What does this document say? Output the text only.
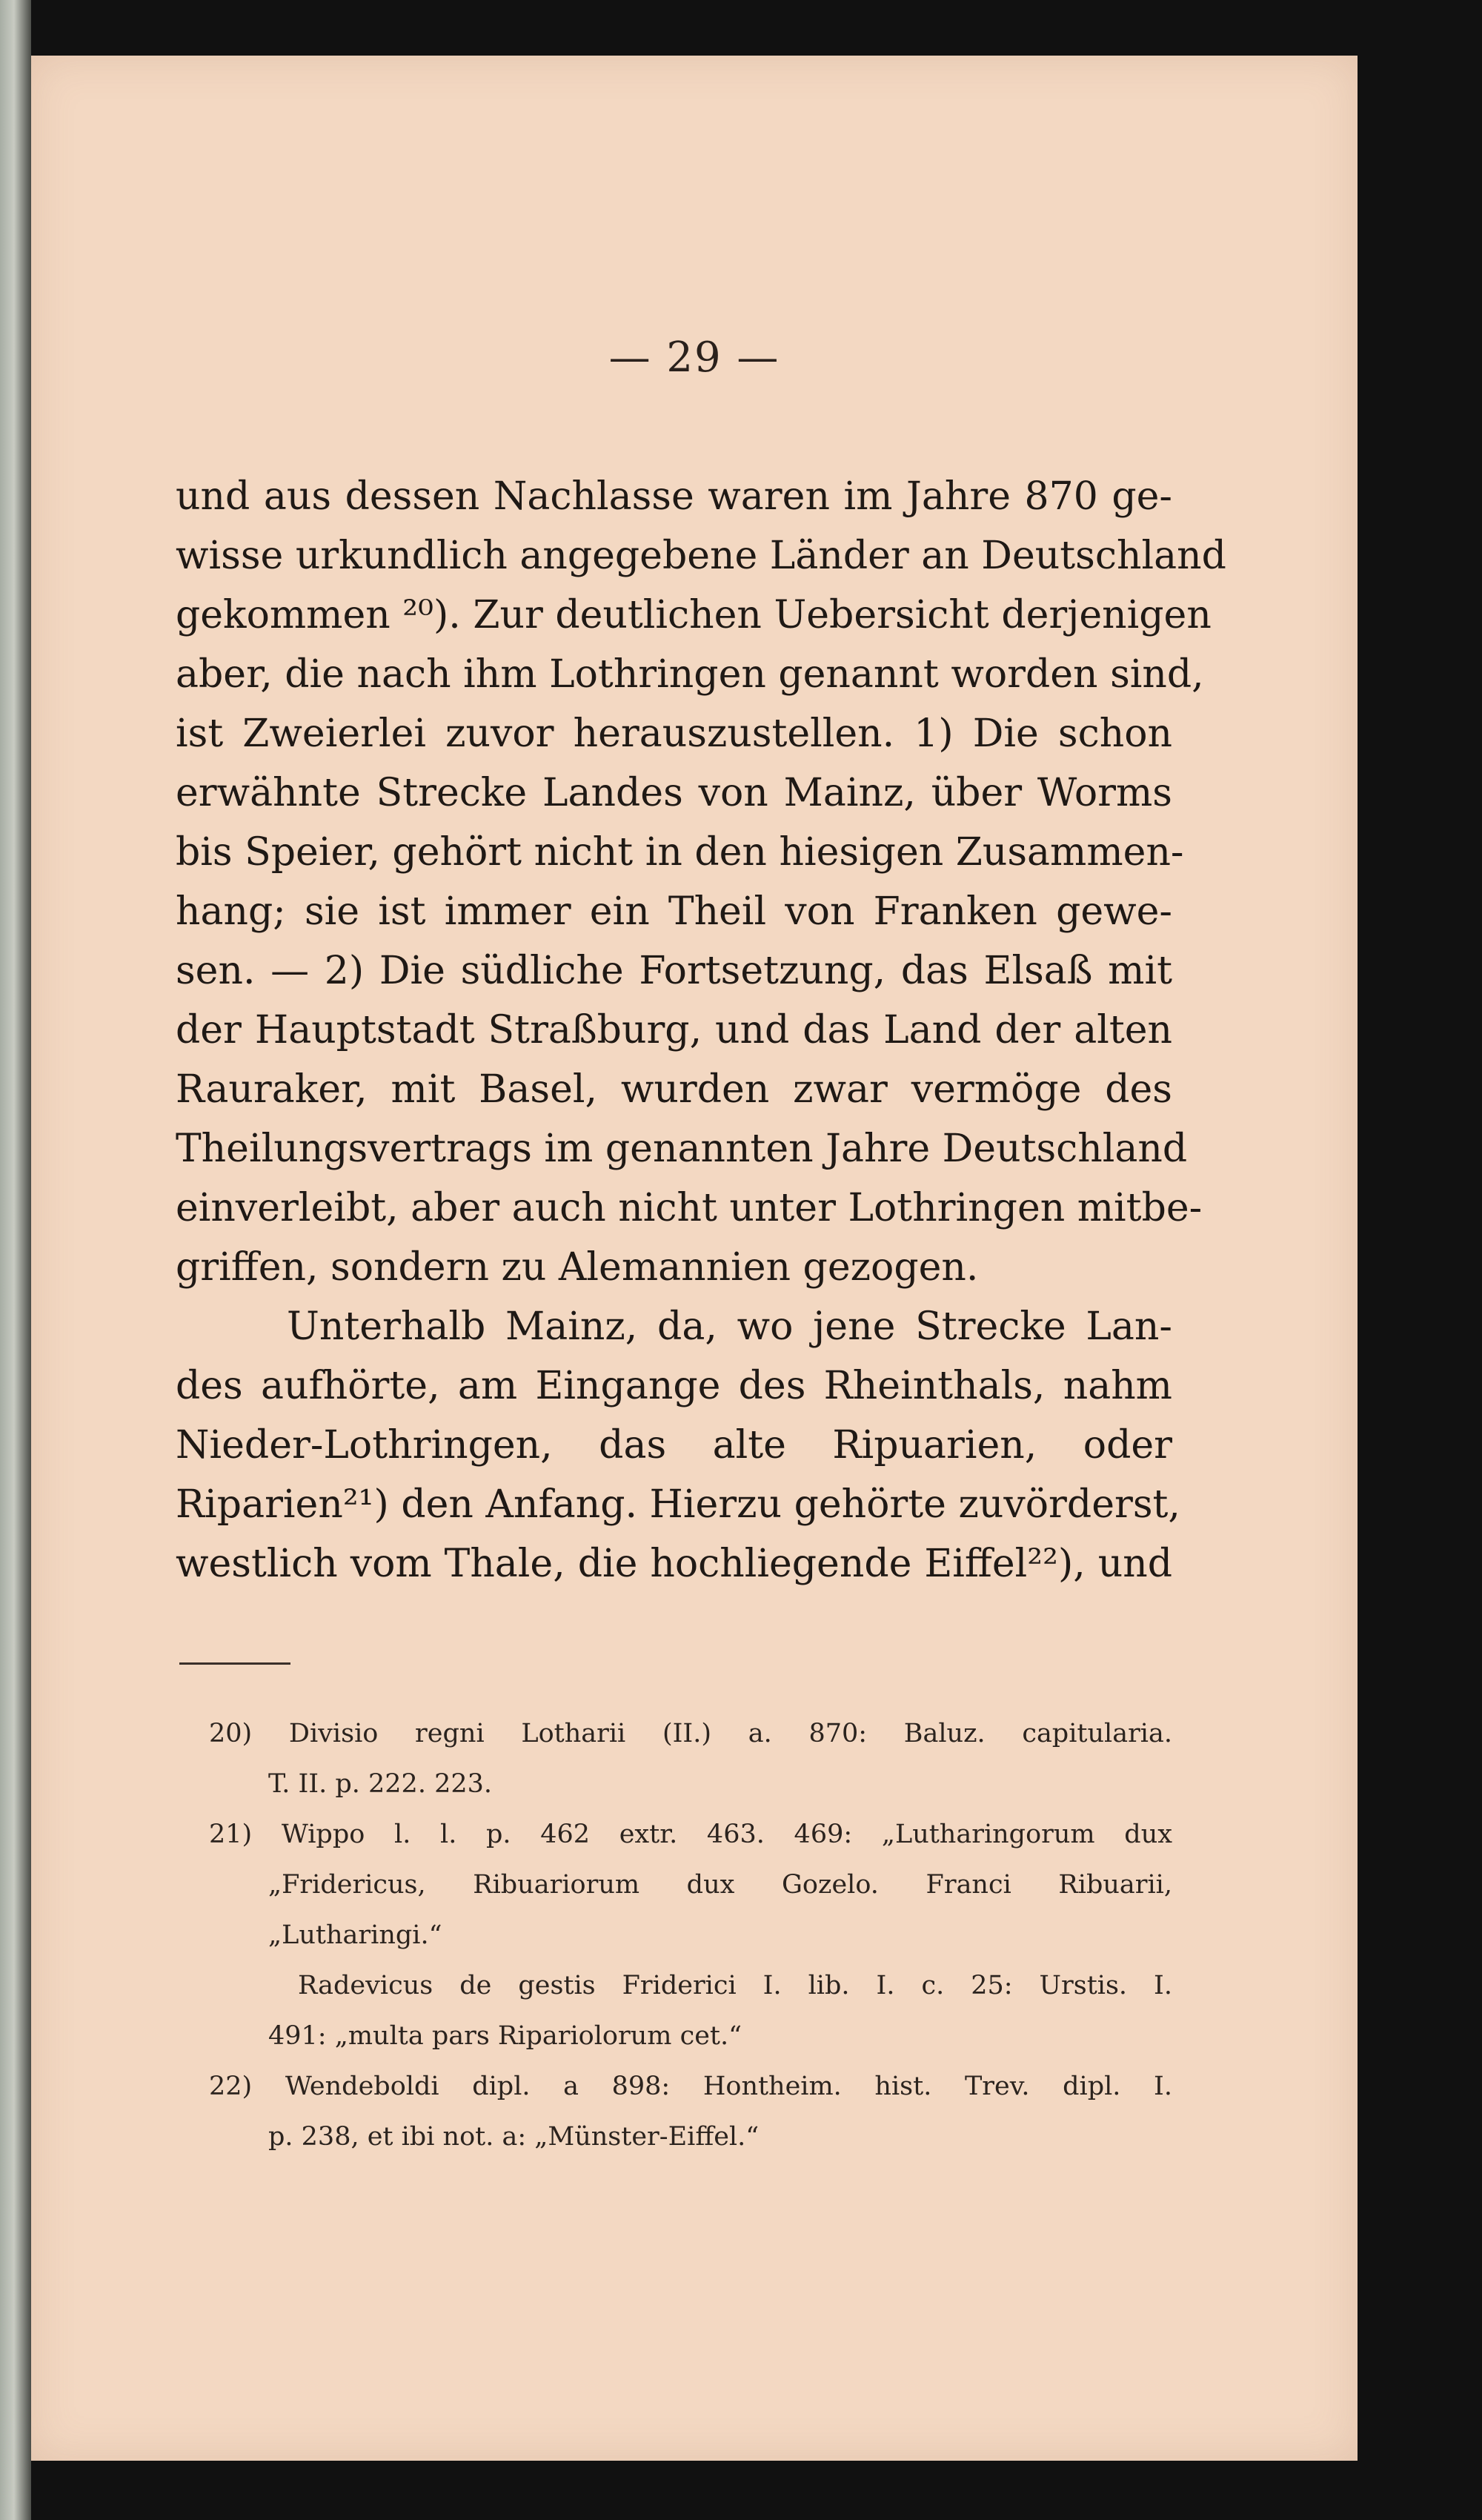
— 29 —
und aus dessen Nachlasse waren im Jahre 870 ge-
wisse urkundlich angegebene Länder an Deutschland
gekommen ²⁰). Zur deutlichen Uebersicht derjenigen
aber, die nach ihm Lothringen genannt worden sind,
ist Zweierlei zuvor herauszustellen. 1) Die schon
erwähnte Strecke Landes von Mainz, über Worms
bis Speier, gehört nicht in den hiesigen Zusammen-
hang; sie ist immer ein Theil von Franken gewe-
sen. — 2) Die südliche Fortsetzung, das Elsaß mit
der Hauptstadt Straßburg, und das Land der alten
Rauraker, mit Basel, wurden zwar vermöge des
Theilungsvertrags im genannten Jahre Deutschland
einverleibt, aber auch nicht unter Lothringen mitbe-
griffen, sondern zu Alemannien gezogen.
Unterhalb Mainz, da, wo jene Strecke Lan-
des aufhörte, am Eingange des Rheinthals, nahm
Nieder-Lothringen, das alte Ripuarien, oder
Riparien²¹) den Anfang. Hierzu gehörte zuvörderst,
westlich vom Thale, die hochliegende Eiffel²²), und
20) Divisio regni Lotharii (II.) a. 870: Baluz. capitularia.
T. II. p. 222. 223.
21) Wippo l. l. p. 462 extr. 463. 469: „Lutharingorum dux
„Fridericus, Ribuariorum dux Gozelo. Franci Ribuarii,
„Lutharingi.“
Radevicus de gestis Friderici I. lib. I. c. 25: Urstis. I.
491: „multa pars Ripariolorum cet.“
22) Wendeboldi dipl. a 898: Hontheim. hist. Trev. dipl. I.
p. 238, et ibi not. a: „Münster-Eiffel.“
